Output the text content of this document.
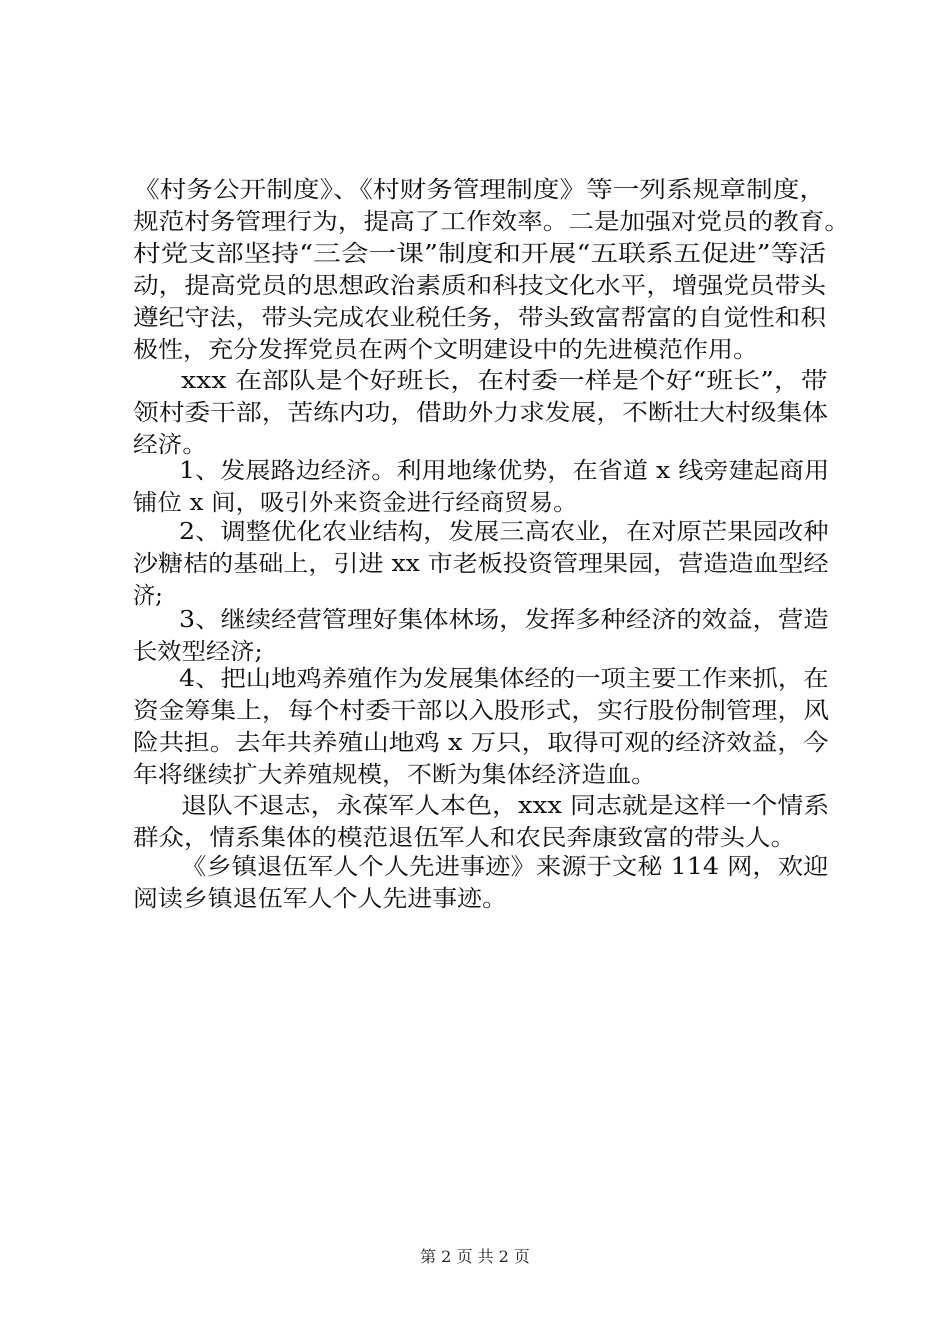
《村务公开制度》、《村财务管理制度》等一列系规章制度，
规范村务管理行为，提高了工作效率。二是加强对党员的教育。
村党支部坚持“三会一课”制度和开展“五联系五促进”等活
动，提高党员的思想政治素质和科技文化水平，增强党员带头
遵纪守法，带头完成农业税任务，带头致富帮富的自觉性和积
极性，充分发挥党员在两个文明建设中的先进模范作用。
xxx 在部队是个好班长，在村委一样是个好“班长”，带
领村委干部，苦练内功，借助外力求发展，不断壮大村级集体
经济。
1、发展路边经济。利用地缘优势，在省道 x 线旁建起商用
铺位 x 间，吸引外来资金进行经商贸易。
2、调整优化农业结构，发展三高农业，在对原芒果园改种
沙糖桔的基础上，引进 xx 市老板投资管理果园，营造造血型经
济;
3、继续经营管理好集体林场，发挥多种经济的效益，营造
长效型经济;
4、把山地鸡养殖作为发展集体经的一项主要工作来抓，在
资金筹集上，每个村委干部以入股形式，实行股份制管理，风
险共担。去年共养殖山地鸡 x 万只，取得可观的经济效益，今
年将继续扩大养殖规模，不断为集体经济造血。
退队不退志，永葆军人本色，xxx 同志就是这样一个情系
群众，情系集体的模范退伍军人和农民奔康致富的带头人。
《乡镇退伍军人个人先进事迹》来源于文秘 114 网，欢迎
阅读乡镇退伍军人个人先进事迹。
第 2 页 共 2 页
